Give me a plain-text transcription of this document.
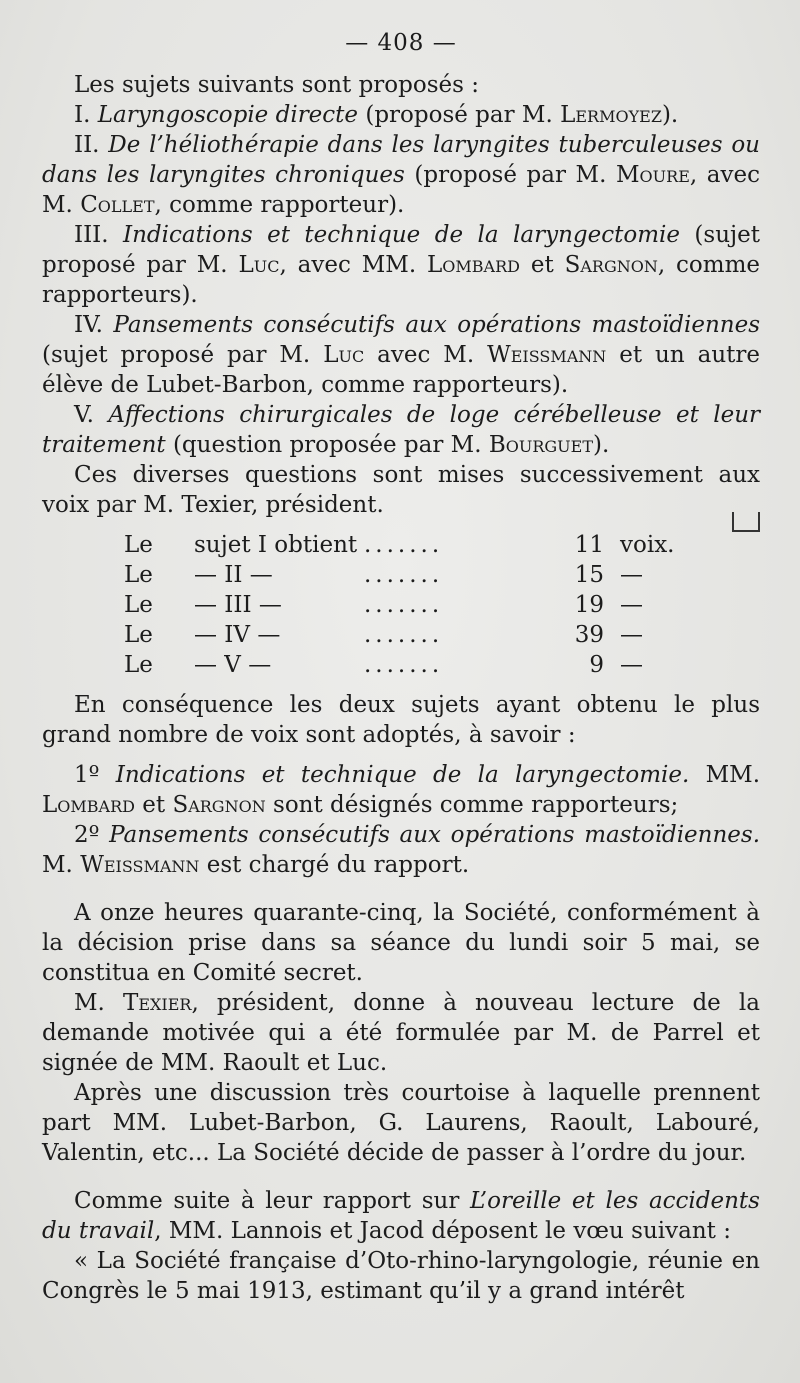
— 408 —

Les sujets suivants sont proposés :

I. Laryngoscopie directe (proposé par M. Lermoyez).

II. De l’héliothérapie dans les laryngites tuberculeuses ou dans les laryngites chroniques (proposé par M. Moure, avec M. Collet, comme rapporteur).

III. Indications et technique de la laryngectomie (sujet proposé par M. Luc, avec MM. Lombard et Sargnon, comme rapporteurs).

IV. Pansements consécutifs aux opérations mastoïdiennes (sujet proposé par M. Luc avec M. Weissmann et un autre élève de Lubet-Barbon, comme rapporteurs).

V. Affections chirurgicales de loge cérébelleuse et leur traitement (question proposée par M. Bourguet).

Ces diverses questions sont mises successivement aux voix par M. Texier, président.

Le	sujet I obtient	.......	11	voix.
Le	— II —	.......	15	—
Le	— III —	.......	19	—
Le	— IV —	.......	39	—
Le	— V —	.......	9	—

En conséquence les deux sujets ayant obtenu le plus grand nombre de voix sont adoptés, à savoir :

1º Indications et technique de la laryngectomie. MM. Lombard et Sargnon sont désignés comme rapporteurs;

2º Pansements consécutifs aux opérations mastoïdiennes. M. Weissmann est chargé du rapport.

A onze heures quarante-cinq, la Société, conformément à la décision prise dans sa séance du lundi soir 5 mai, se constitua en Comité secret.

M. Texier, président, donne à nouveau lecture de la demande motivée qui a été formulée par M. de Parrel et signée de MM. Raoult et Luc.

Après une discussion très courtoise à laquelle prennent part MM. Lubet-Barbon, G. Laurens, Raoult, Labouré, Valentin, etc... La Société décide de passer à l’ordre du jour.

Comme suite à leur rapport sur L’oreille et les accidents du travail, MM. Lannois et Jacod déposent le vœu suivant :

« La Société française d’Oto-rhino-laryngologie, réunie en Congrès le 5 mai 1913, estimant qu’il y a grand intérêt
